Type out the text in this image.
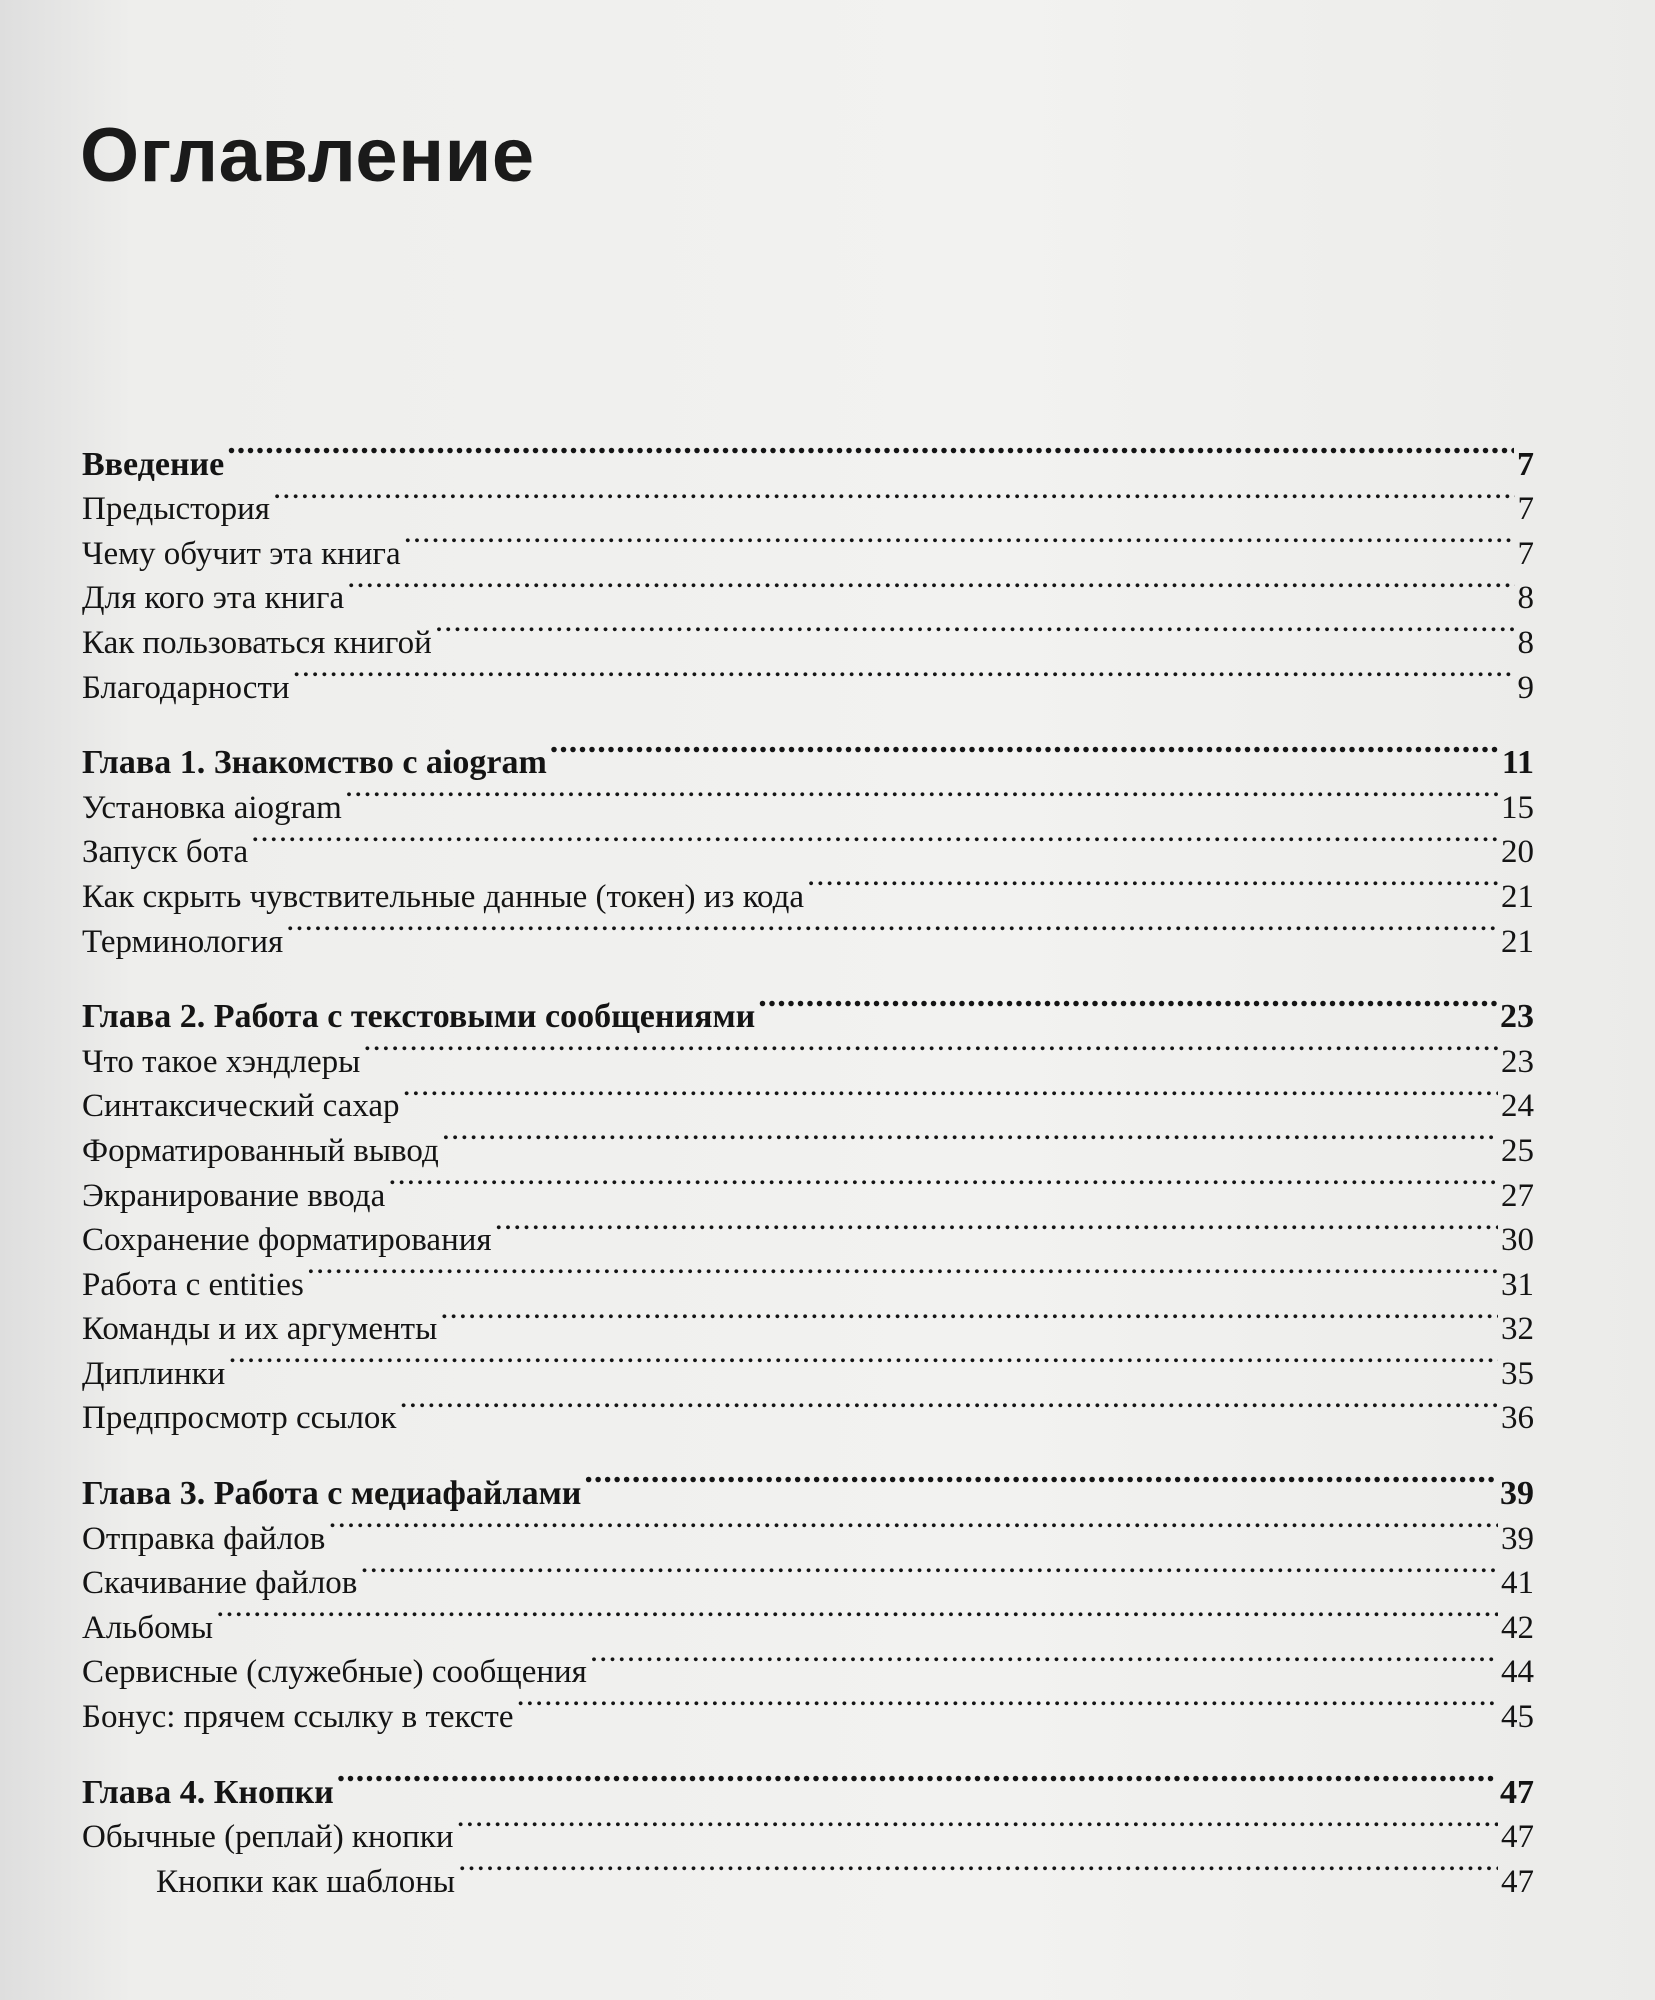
Оглавление
Введение .....	7
Предыстория .....	7
Чему обучит эта книга .....	7
Для кого эта книга .....	8
Как пользоваться книгой .....	8
Благодарности .....	9
Глава 1. Знакомство с aiogram .....	11
Установка aiogram .....	15
Запуск бота .....	20
Как скрыть чувствительные данные (токен) из кода .....	21
Терминология .....	21
Глава 2. Работа с текстовыми сообщениями .....	23
Что такое хэндлеры .....	23
Синтаксический сахар .....	24
Форматированный вывод .....	25
Экранирование ввода .....	27
Сохранение форматирования .....	30
Работа с entities .....	31
Команды и их аргументы .....	32
Диплинки .....	35
Предпросмотр ссылок .....	36
Глава 3. Работа с медиафайлами .....	39
Отправка файлов .....	39
Скачивание файлов .....	41
Альбомы .....	42
Сервисные (служебные) сообщения .....	44
Бонус: прячем ссылку в тексте .....	45
Глава 4. Кнопки .....	47
Обычные (реплай) кнопки .....	47
Кнопки как шаблоны .....	47
